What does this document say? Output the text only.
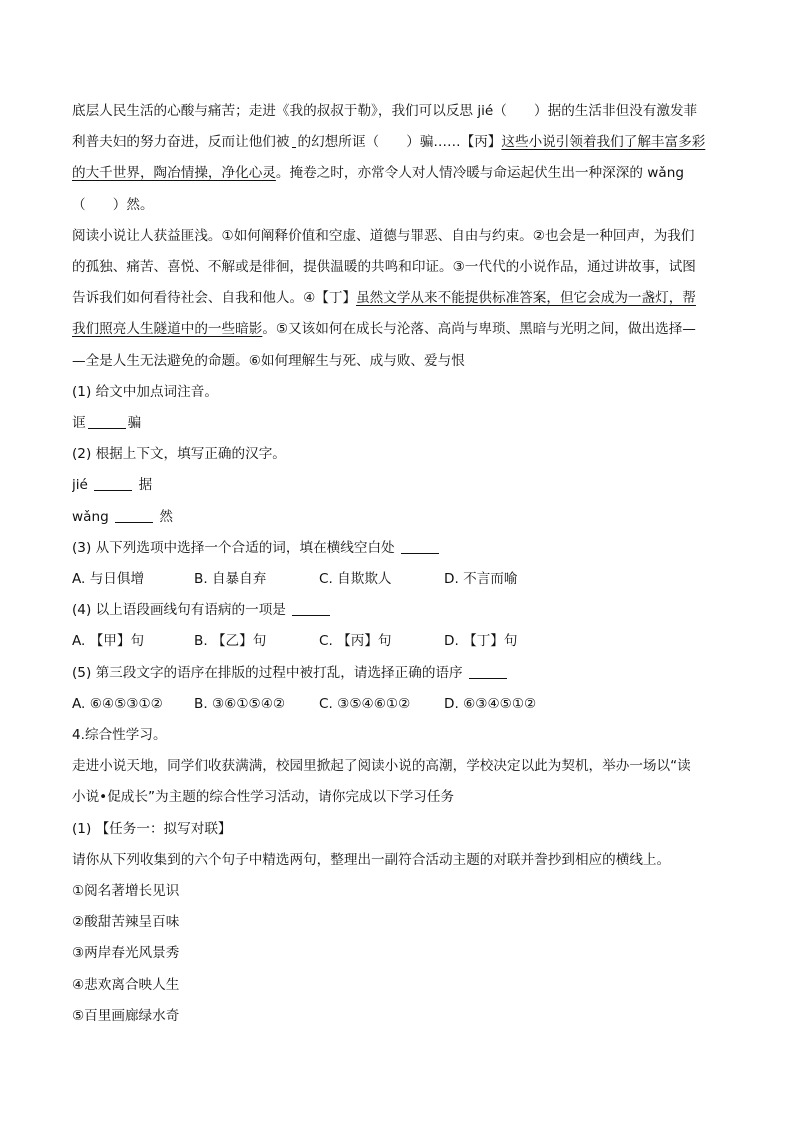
底层人民生活的心酸与痛苦；走进《我的叔叔于勒》，我们可以反思 jié（　　）据的生活非但没有激发菲
利普夫妇的努力奋进，反而让他们被 的幻想所诓（　　）骗……【丙】这些小说引领着我们了解丰富多彩
的大千世界，陶冶情操，净化心灵。掩卷之时，亦常令人对人情冷暖与命运起伏生出一种深深的 wǎng
（　　）然。
阅读小说让人获益匪浅。①如何阐释价值和空虚、道德与罪恶、自由与约束。②也会是一种回声，为我们
的孤独、痛苦、喜悦、不解或是徘徊，提供温暖的共鸣和印证。③一代代的小说作品，通过讲故事，试图
告诉我们如何看待社会、自我和他人。④【丁】虽然文学从来不能提供标准答案，但它会成为一盏灯，帮
我们照亮人生隧道中的一些暗影。⑤又该如何在成长与沦落、高尚与卑琐、黑暗与光明之间，做出选择—
—全是人生无法避免的命题。⑥如何理解生与死、成与败、爱与恨
(1) 给文中加点词注音。
诓	骗
(2) 根据上下文，填写正确的汉字。
jié	据
wǎng	然
(3) 从下列选项中选择一个合适的词，填在横线空白处
A. 与日俱增	B. 自暴自弃	C. 自欺欺人	D. 不言而喻
(4) 以上语段画线句有语病的一项是
A. 【甲】句	B. 【乙】句	C. 【丙】句	D. 【丁】句
(5) 第三段文字的语序在排版的过程中被打乱，请选择正确的语序
A. ⑥④⑤③①②	B. ③⑥①⑤④②	C. ③⑤④⑥①②	D. ⑥③④⑤①②
4.综合性学习。
走进小说天地，同学们收获满满，校园里掀起了阅读小说的高潮，学校决定以此为契机，举办一场以“读
小说•促成长”为主题的综合性学习活动，请你完成以下学习任务
(1) 【任务一：拟写对联】
请你从下列收集到的六个句子中精选两句，整理出一副符合活动主题的对联并誊抄到相应的横线上。
①阅名著增长见识
②酸甜苦辣呈百味
③两岸春光风景秀
④悲欢离合映人生
⑤百里画廊绿水奇
